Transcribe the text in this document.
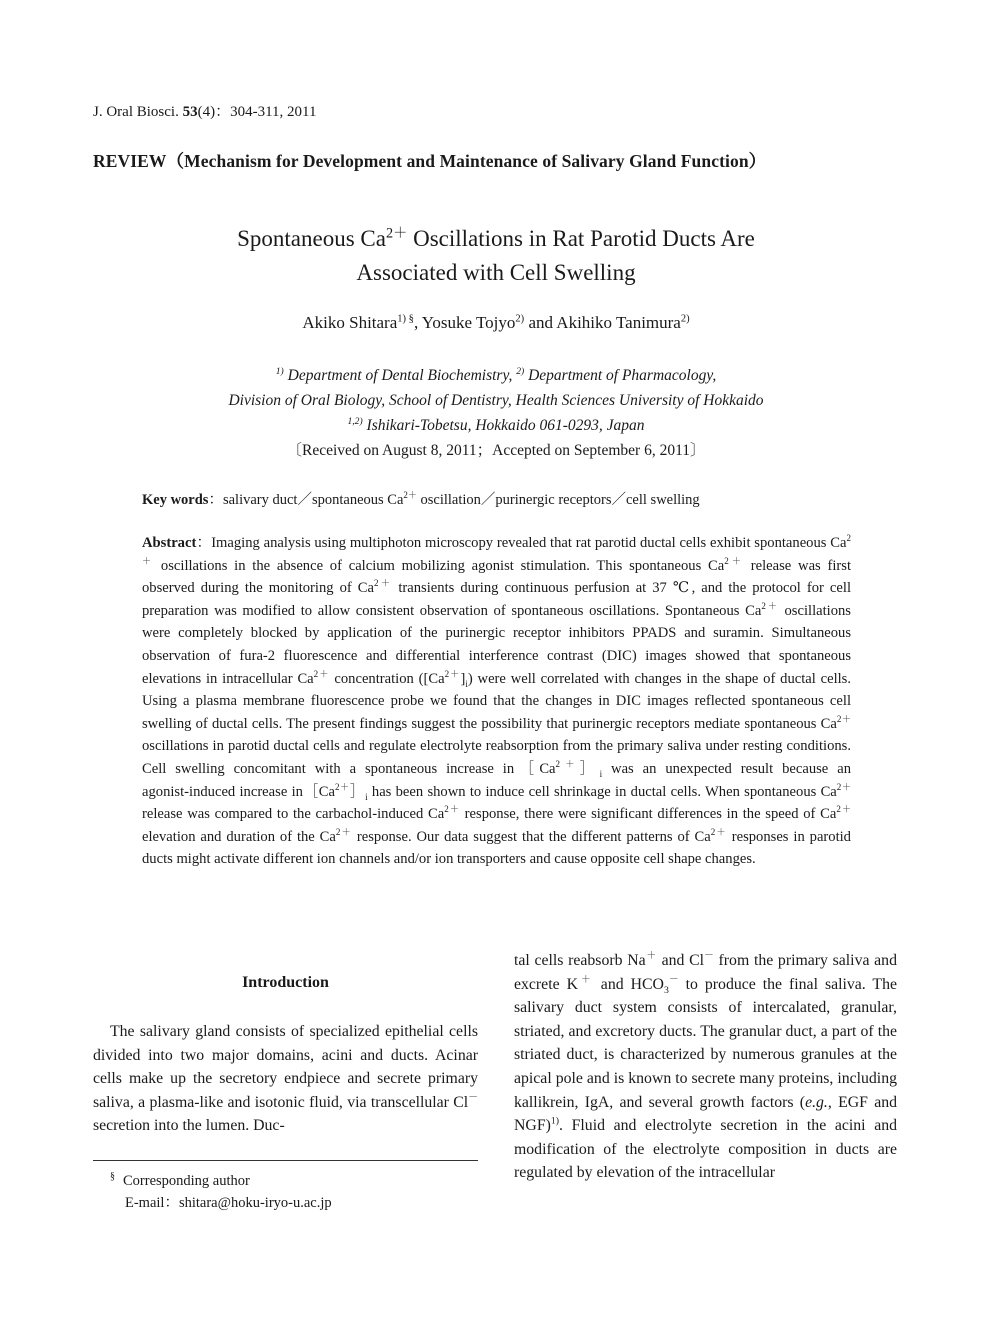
J. Oral Biosci. 53(4)：304‑311, 2011
REVIEW（Mechanism for Development and Maintenance of Salivary Gland Function）
Spontaneous $Ca^{2+}$ Oscillations in Rat Parotid Ducts Are
Associated with Cell Swelling
Akiko Shitara$^{1) \S}$, Yosuke Tojyo$^{2)}$ and Akihiko Tanimura$^{2)}$
$^{1)}$ Department of Dental Biochemistry, $^{2)}$ Department of Pharmacology,
Division of Oral Biology, School of Dentistry, Health Sciences University of Hokkaido
$^{1,2)}$ Ishikari‑Tobetsu, Hokkaido 061‑0293, Japan
〔Received on August 8, 2011；Accepted on September 6, 2011〕
Key words：salivary duct／spontaneous $Ca^{2+}$ oscillation／purinergic receptors／cell swelling
Abstract：Imaging analysis using multiphoton microscopy revealed that rat parotid ductal cells exhibit spontaneous $Ca^{2+}$ oscillations in the absence of calcium mobilizing agonist stimulation. This spontaneous $Ca^{2+}$ release was first observed during the monitoring of $Ca^{2+}$ transients during continuous perfusion at 37 ℃, and the protocol for cell preparation was modified to allow consistent observation of spontaneous oscillations. Spontaneous $Ca^{2+}$ oscillations were completely blocked by application of the purinergic receptor inhibitors PPADS and suramin. Simultaneous observation of fura‑2 fluorescence and differential interference contrast (DIC) images showed that spontaneous elevations in intracellular $Ca^{2+}$ concentration $([Ca^{2+}]_i)$ were well correlated with changes in the shape of ductal cells. Using a plasma membrane fluorescence probe we found that the changes in DIC images reflected spontaneous cell swelling of ductal cells. The present findings suggest the possibility that purinergic receptors mediate spontaneous $Ca^{2+}$ oscillations in parotid ductal cells and regulate electrolyte reabsorption from the primary saliva under resting conditions. Cell swelling concomitant with a spontaneous increase $in[Ca^{2+}]_i$ was an unexpected result because an agonist‑induced increase $in[Ca^{2+}]_i$ has been shown to induce cell shrinkage in ductal cells. When spontaneous $Ca^{2+}$ release was compared to the carbachol‑induced $Ca^{2+}$ response, there were significant differences in the speed of $Ca^{2+}$ elevation and duration of the $Ca^{2+}$ response. Our data suggest that the different patterns of $Ca^{2+}$ responses in parotid ducts might activate different ion channels and/or ion transporters and cause opposite cell shape changes.
Introduction
The salivary gland consists of specialized epithelial cells divided into two major domains, acini and ducts. Acinar cells make up the secretory endpiece and secrete primary saliva, a plasma‑like and isotonic fluid, via transcellular Cl－ secretion into the lumen. Duc‑
§ Corresponding author
E‑mail：shitara@hoku‑iryo‑u.ac.jp
tal cells reabsorb Na＋ and Cl－ from the primary saliva and excrete K＋ and $HCO_3^-$ to produce the final saliva. The salivary duct system consists of intercalated, granular, striated, and excretory ducts. The granular duct, a part of the striated duct, is characterized by numerous granules at the apical pole and is known to secrete many proteins, including kallikrein, IgA, and several growth factors (e.g., EGF and NGF)$^{1)}$. Fluid and electrolyte secretion in the acini and modification of the electrolyte composition in ducts are regulated by elevation of the intracellular
